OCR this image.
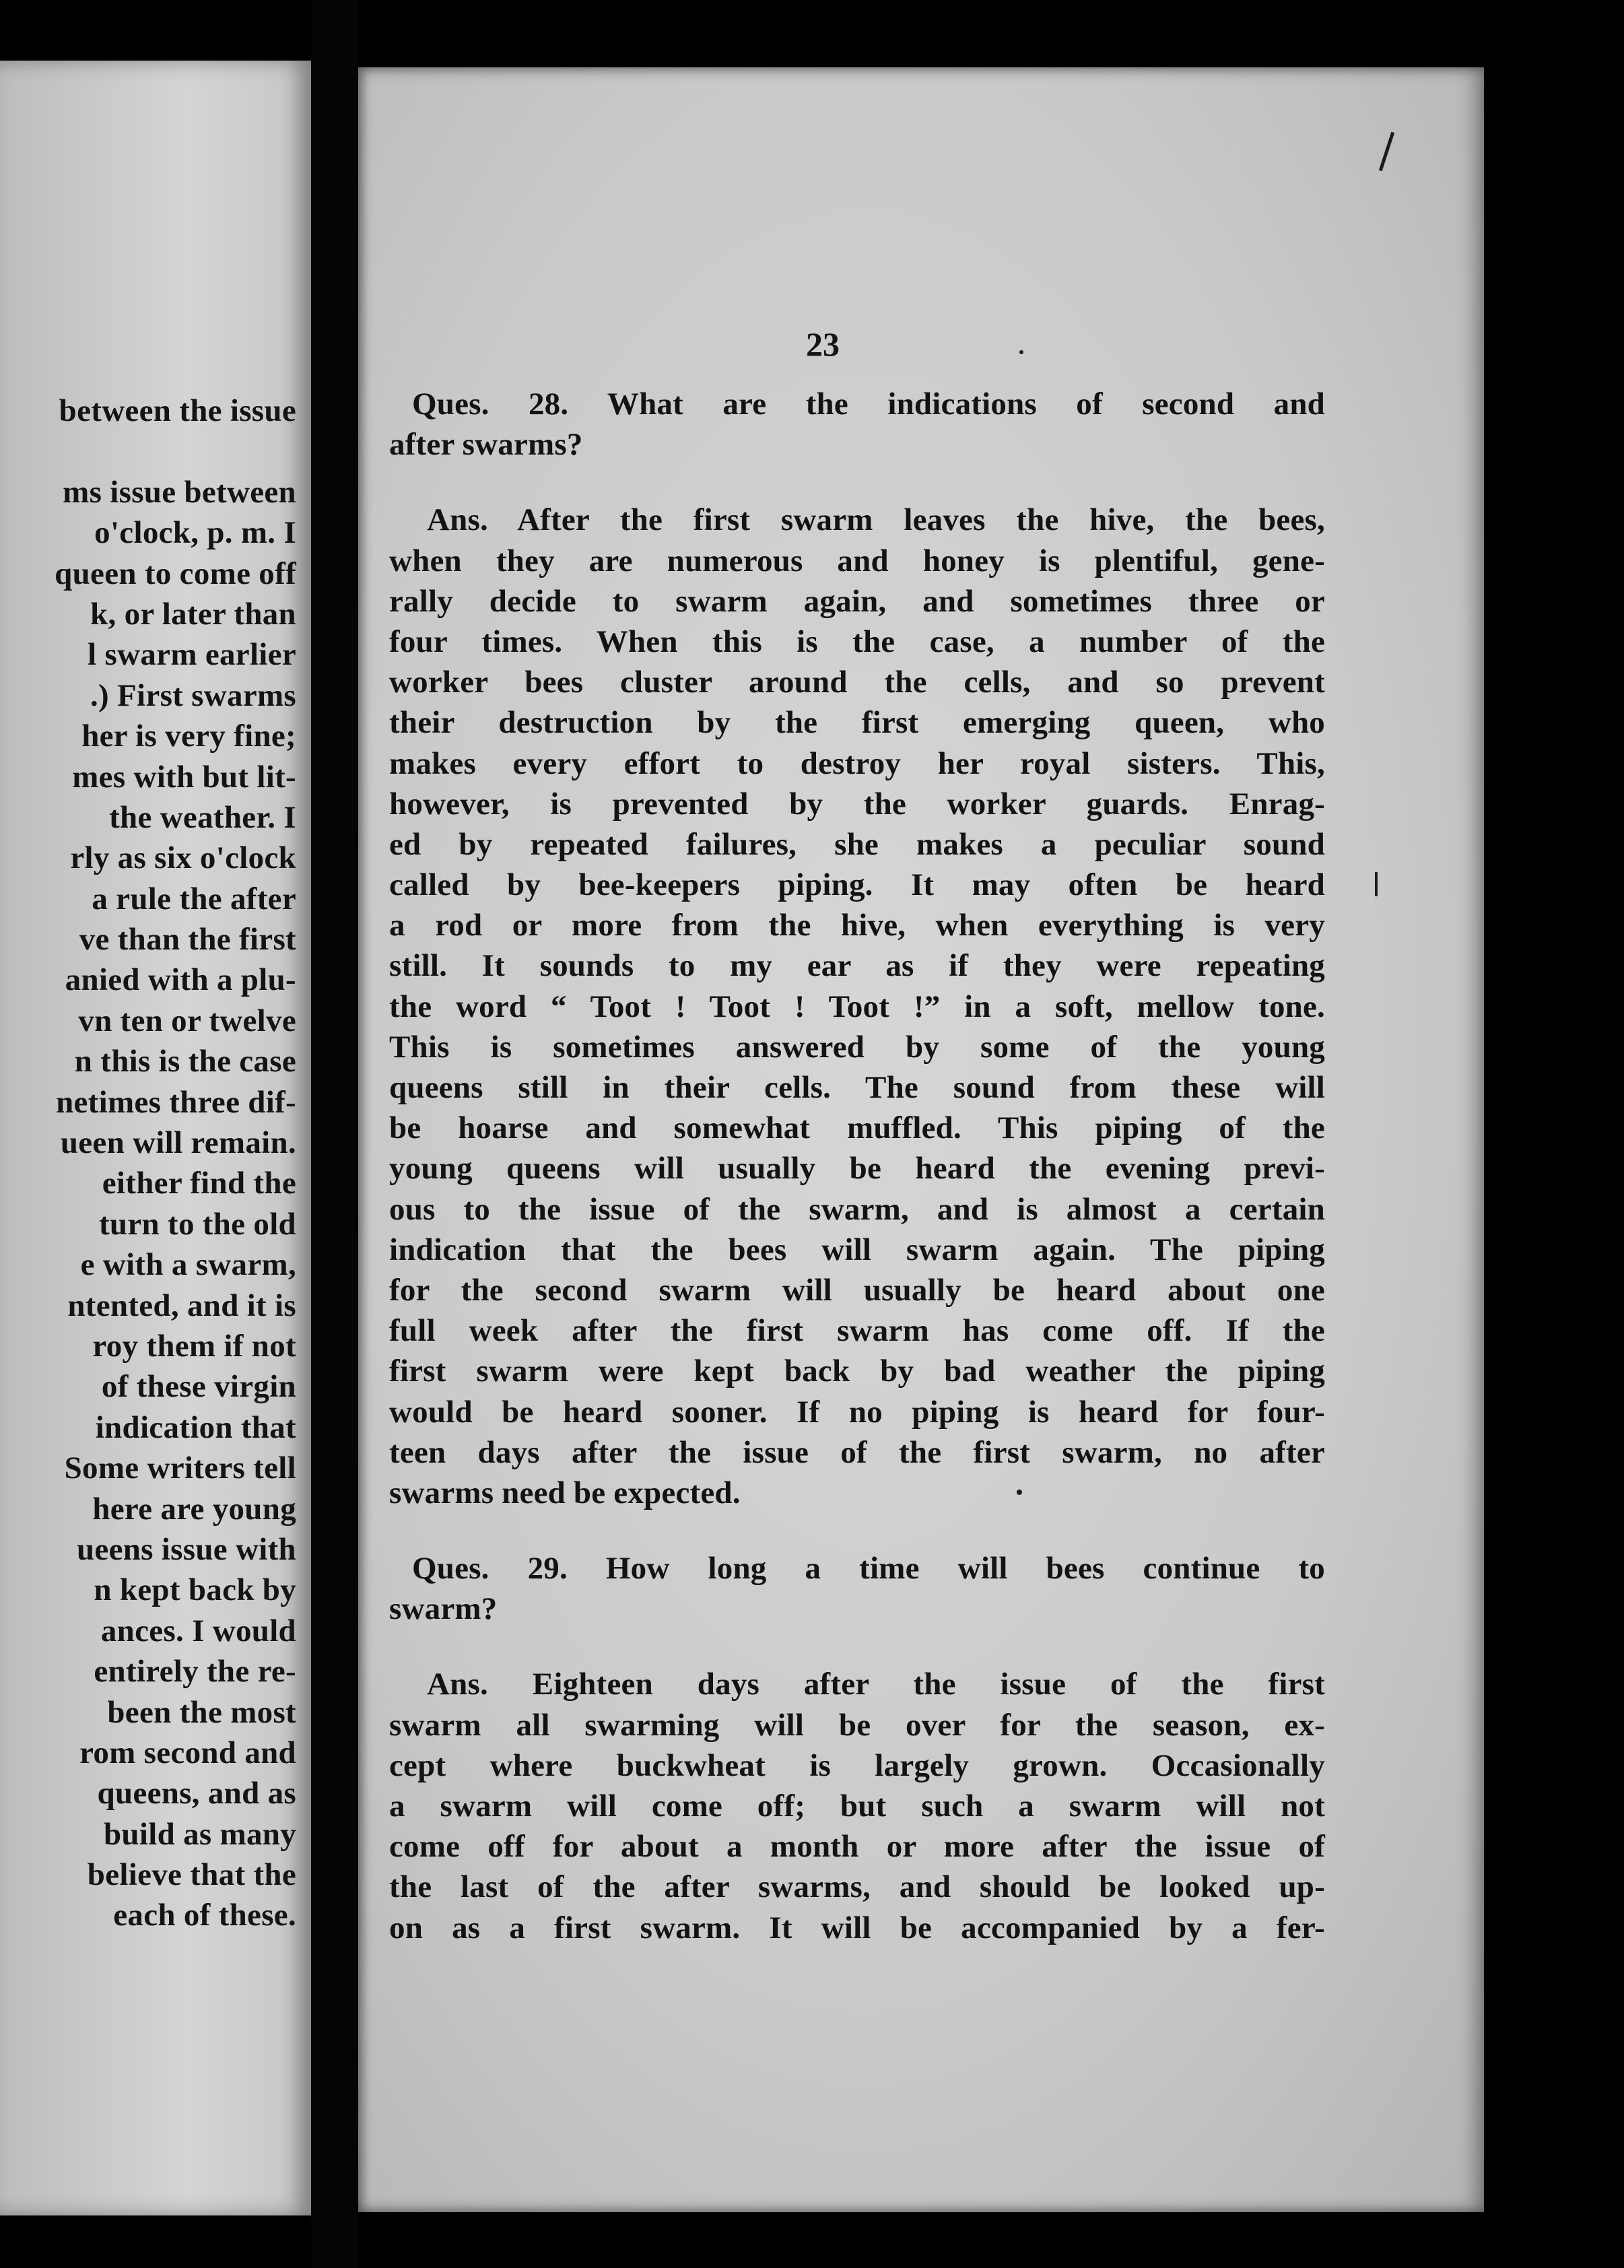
between the issue
ms issue between
o'clock, p. m. I
queen to come off
k, or later than
l swarm earlier
.) First swarms
her is very fine;
mes with but lit-
the weather. I
rly as six o'clock
a rule the after
ve than the first
anied with a plu-
vn ten or twelve
n this is the case
netimes three dif-
ueen will remain.
either find the
turn to the old
e with a swarm,
ntented, and it is
roy them if not
of these virgin
indication that
Some writers tell
here are young
ueens issue with
n kept back by
ances. I would
entirely the re-
been the most
rom second and
queens, and as
build as many
believe that the
each of these.
23
Ques. 28. What are the indications of second and
after swarms?
Ans. After the first swarm leaves the hive, the bees,
when they are numerous and honey is plentiful, gene-
rally decide to swarm again, and sometimes three or
four times. When this is the case, a number of the
worker bees cluster around the cells, and so prevent
their destruction by the first emerging queen, who
makes every effort to destroy her royal sisters. This,
however, is prevented by the worker guards. Enrag-
ed by repeated failures, she makes a peculiar sound
called by bee-keepers piping. It may often be heard
a rod or more from the hive, when everything is very
still. It sounds to my ear as if they were repeating
the word “ Toot ! Toot ! Toot !” in a soft, mellow tone.
This is sometimes answered by some of the young
queens still in their cells. The sound from these will
be hoarse and somewhat muffled. This piping of the
young queens will usually be heard the evening previ-
ous to the issue of the swarm, and is almost a certain
indication that the bees will swarm again. The piping
for the second swarm will usually be heard about one
full week after the first swarm has come off. If the
first swarm were kept back by bad weather the piping
would be heard sooner. If no piping is heard for four-
teen days after the issue of the first swarm, no after
swarms need be expected.
Ques. 29. How long a time will bees continue to
swarm?
Ans. Eighteen days after the issue of the first
swarm all swarming will be over for the season, ex-
cept where buckwheat is largely grown. Occasionally
a swarm will come off; but such a swarm will not
come off for about a month or more after the issue of
the last of the after swarms, and should be looked up-
on as a first swarm. It will be accompanied by a fer-
